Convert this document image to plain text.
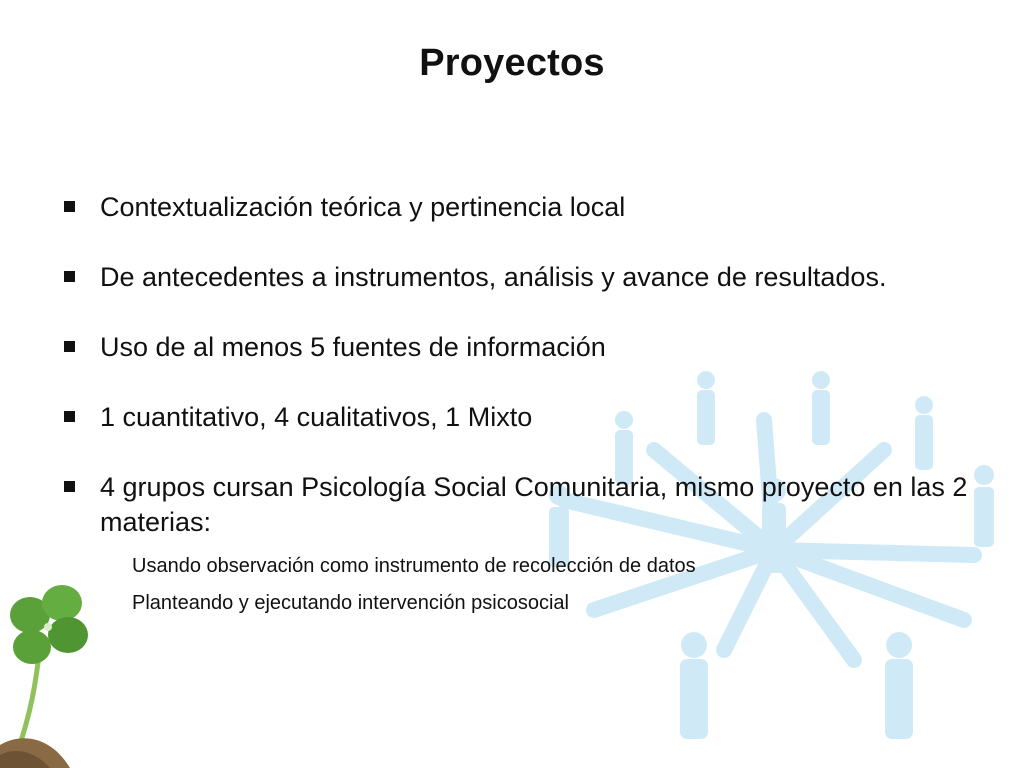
Proyectos
Contextualización teórica y pertinencia local
De antecedentes a instrumentos, análisis y avance de resultados.
Uso de al menos 5 fuentes de información
1 cuantitativo, 4 cualitativos, 1 Mixto
4 grupos cursan Psicología Social Comunitaria, mismo proyecto en las 2 materias:
Usando observación como instrumento de recolección de datos
Planteando y ejecutando intervención psicosocial
